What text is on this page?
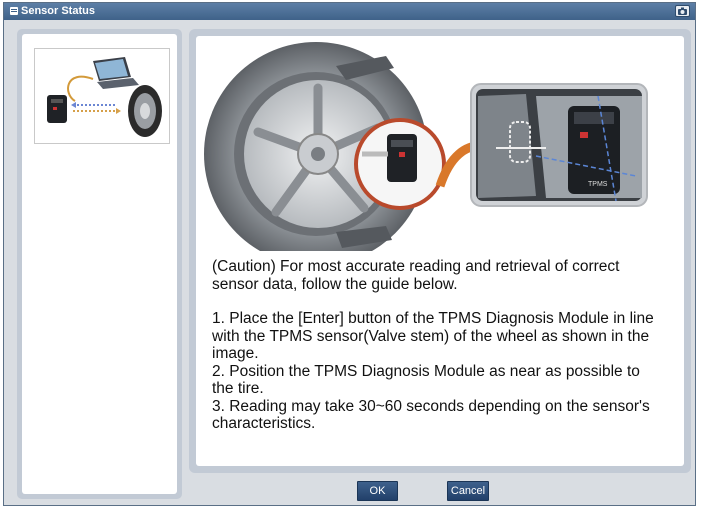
Sensor Status
TPMS

(Caution) For most accurate reading and retrieval of correct

sensor data, follow the guide below.

1. Place the [Enter] button of the TPMS Diagnosis Module in line

with the TPMS sensor(Valve stem) of the wheel as shown in the

image.

2. Position the TPMS Diagnosis Module as near as possible to

the tire.

3. Reading may take 30~60 seconds depending on the sensor's

characteristics.

OK	Cancel
